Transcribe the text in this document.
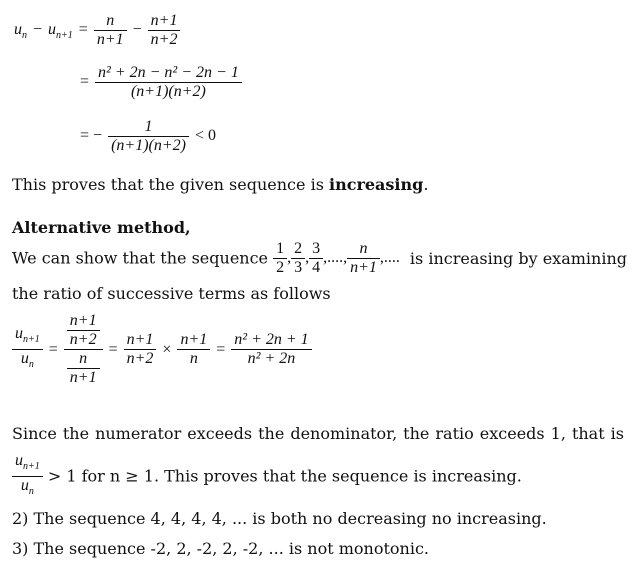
$u_n - u_{n+1} = \frac{n}{n+1} - \frac{n+1}{n+2}$
= $\frac{\text{n² + 2n − n² − 2n − 1}}{(n+1)(n+2)}$
= − $\frac{1}{(n+1)(n+2)} < 0$
This proves that the given sequence is increasing.
Alternative method,
We can show that the sequence $\frac{1}{2}$ , $\frac{2}{3}$ , $\frac{3}{4}$ ,...., $\frac{n}{n+1}$ ,.... is increasing by examining
the ratio of successive terms as follows
$\frac{u_{n+1}}{u_n} = \frac{\frac{n+1}{n+2}}{\frac{n}{n+1}} = \frac{n+1}{n+2} \times \frac{n+1}{n} = \frac{\text{n² + 2n + 1}}{\text{n² + 2n}}$
Since the numerator exceeds the denominator, the ratio exceeds 1, that is
$\frac{u_{n+1}}{u_n} > 1$ for n ≥ 1. This proves that the sequence is increasing.
2) The sequence 4, 4, 4, 4, ... is both no decreasing no increasing.
3) The sequence -2, 2, -2, 2, -2, ... is not monotonic.
